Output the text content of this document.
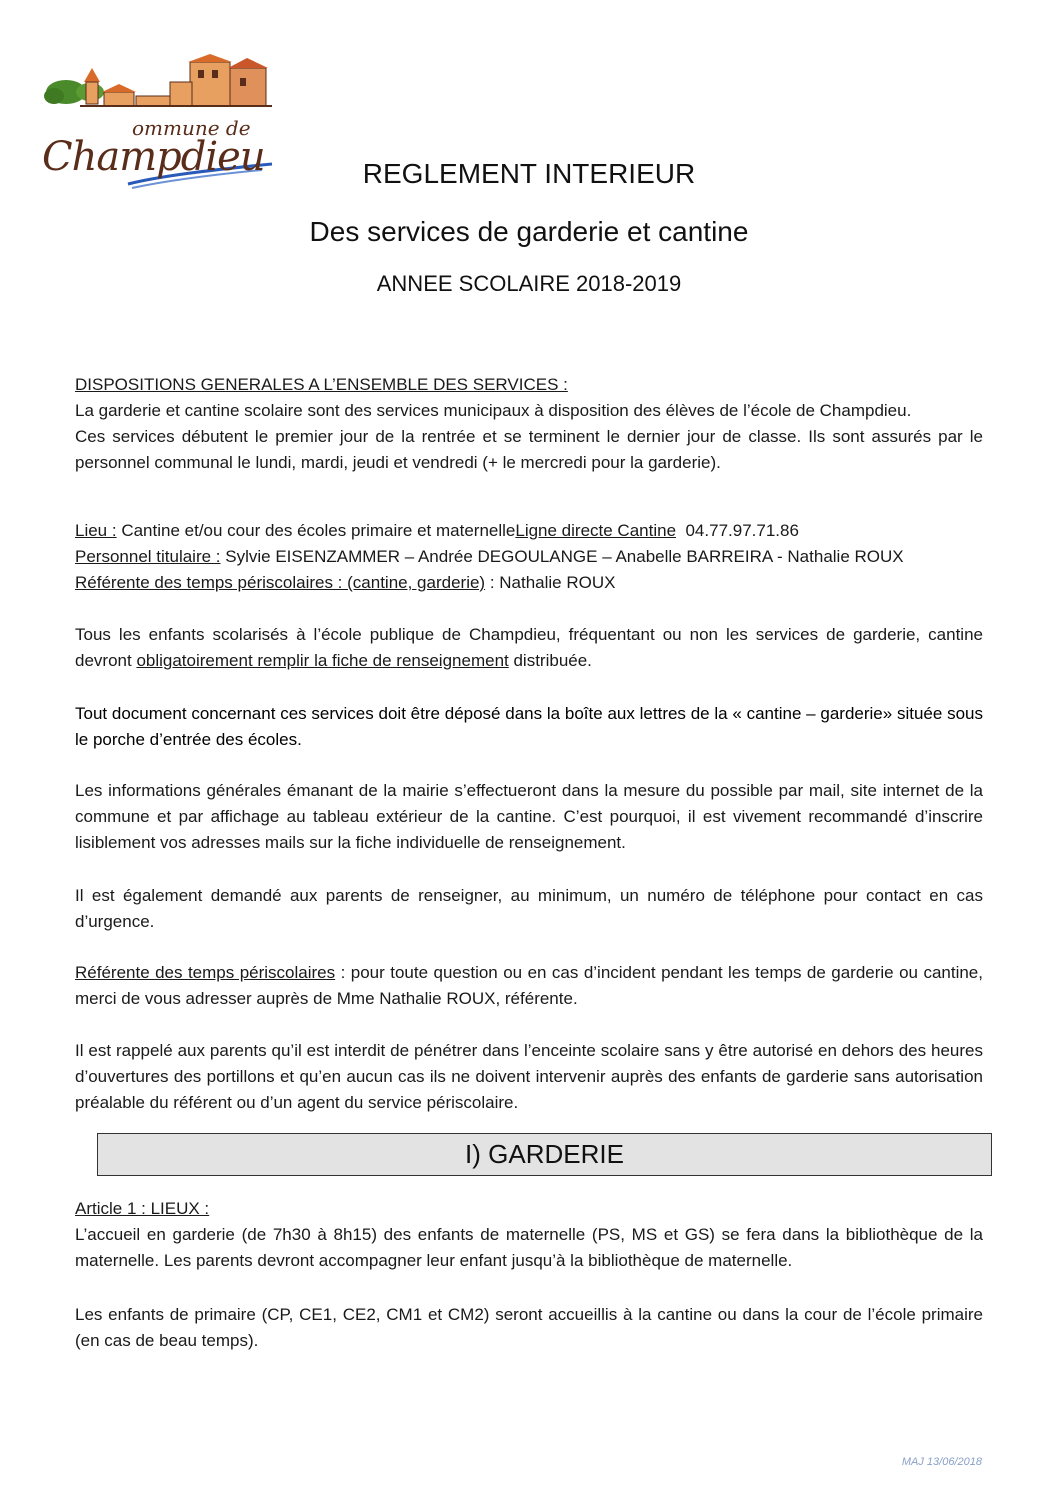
ommune de
Champdieu	REGLEMENT INTERIEUR
Des services de garderie et cantine
ANNEE SCOLAIRE 2018-2019

DISPOSITIONS GENERALES A L’ENSEMBLE DES SERVICES :

La garderie et cantine scolaire sont des services municipaux à disposition des élèves de l’école de Champdieu.

Ces services débutent le premier jour de la rentrée et se terminent le dernier jour de classe. Ils sont assurés par le personnel communal le lundi, mardi, jeudi et vendredi (+ le mercredi pour la garderie).

Lieu : Cantine et/ou cour des écoles primaire et maternelleLigne directe Cantine  04.77.97.71.86

Personnel titulaire : Sylvie EISENZAMMER – Andrée DEGOULANGE – Anabelle BARREIRA - Nathalie ROUX

Référente des temps périscolaires : (cantine, garderie) : Nathalie ROUX

Tous les enfants scolarisés à l’école publique de Champdieu, fréquentant ou non les services de garderie, cantine devront obligatoirement remplir la fiche de renseignement distribuée.

Tout document concernant ces services doit être déposé dans la boîte aux lettres de la « cantine – garderie» située sous le porche d’entrée des écoles.

Les informations générales émanant de la mairie s’effectueront dans la mesure du possible par mail, site internet de la commune et par affichage au tableau extérieur de la cantine. C’est pourquoi, il est vivement recommandé d’inscrire lisiblement vos adresses mails sur la fiche individuelle de renseignement.

Il est également demandé aux parents de renseigner, au minimum, un numéro de téléphone pour contact en cas d’urgence.

Référente des temps périscolaires : pour toute question ou en cas d’incident pendant les temps de garderie ou cantine, merci de vous adresser auprès de Mme Nathalie ROUX, référente.

Il est rappelé aux parents qu’il est interdit de pénétrer dans l’enceinte scolaire sans y être autorisé en dehors des heures d’ouvertures des portillons et qu’en aucun cas ils ne doivent intervenir auprès des enfants de garderie sans autorisation préalable du référent ou d’un agent du service périscolaire.

I) GARDERIE

Article 1 : LIEUX :

L’accueil en garderie (de 7h30 à 8h15) des enfants de maternelle (PS, MS et GS) se fera dans la bibliothèque de la maternelle. Les parents devront accompagner leur enfant jusqu’à la bibliothèque de maternelle.

Les enfants de primaire (CP, CE1, CE2, CM1 et CM2) seront accueillis à la cantine ou dans la cour de l’école primaire (en cas de beau temps).

MAJ 13/06/2018
